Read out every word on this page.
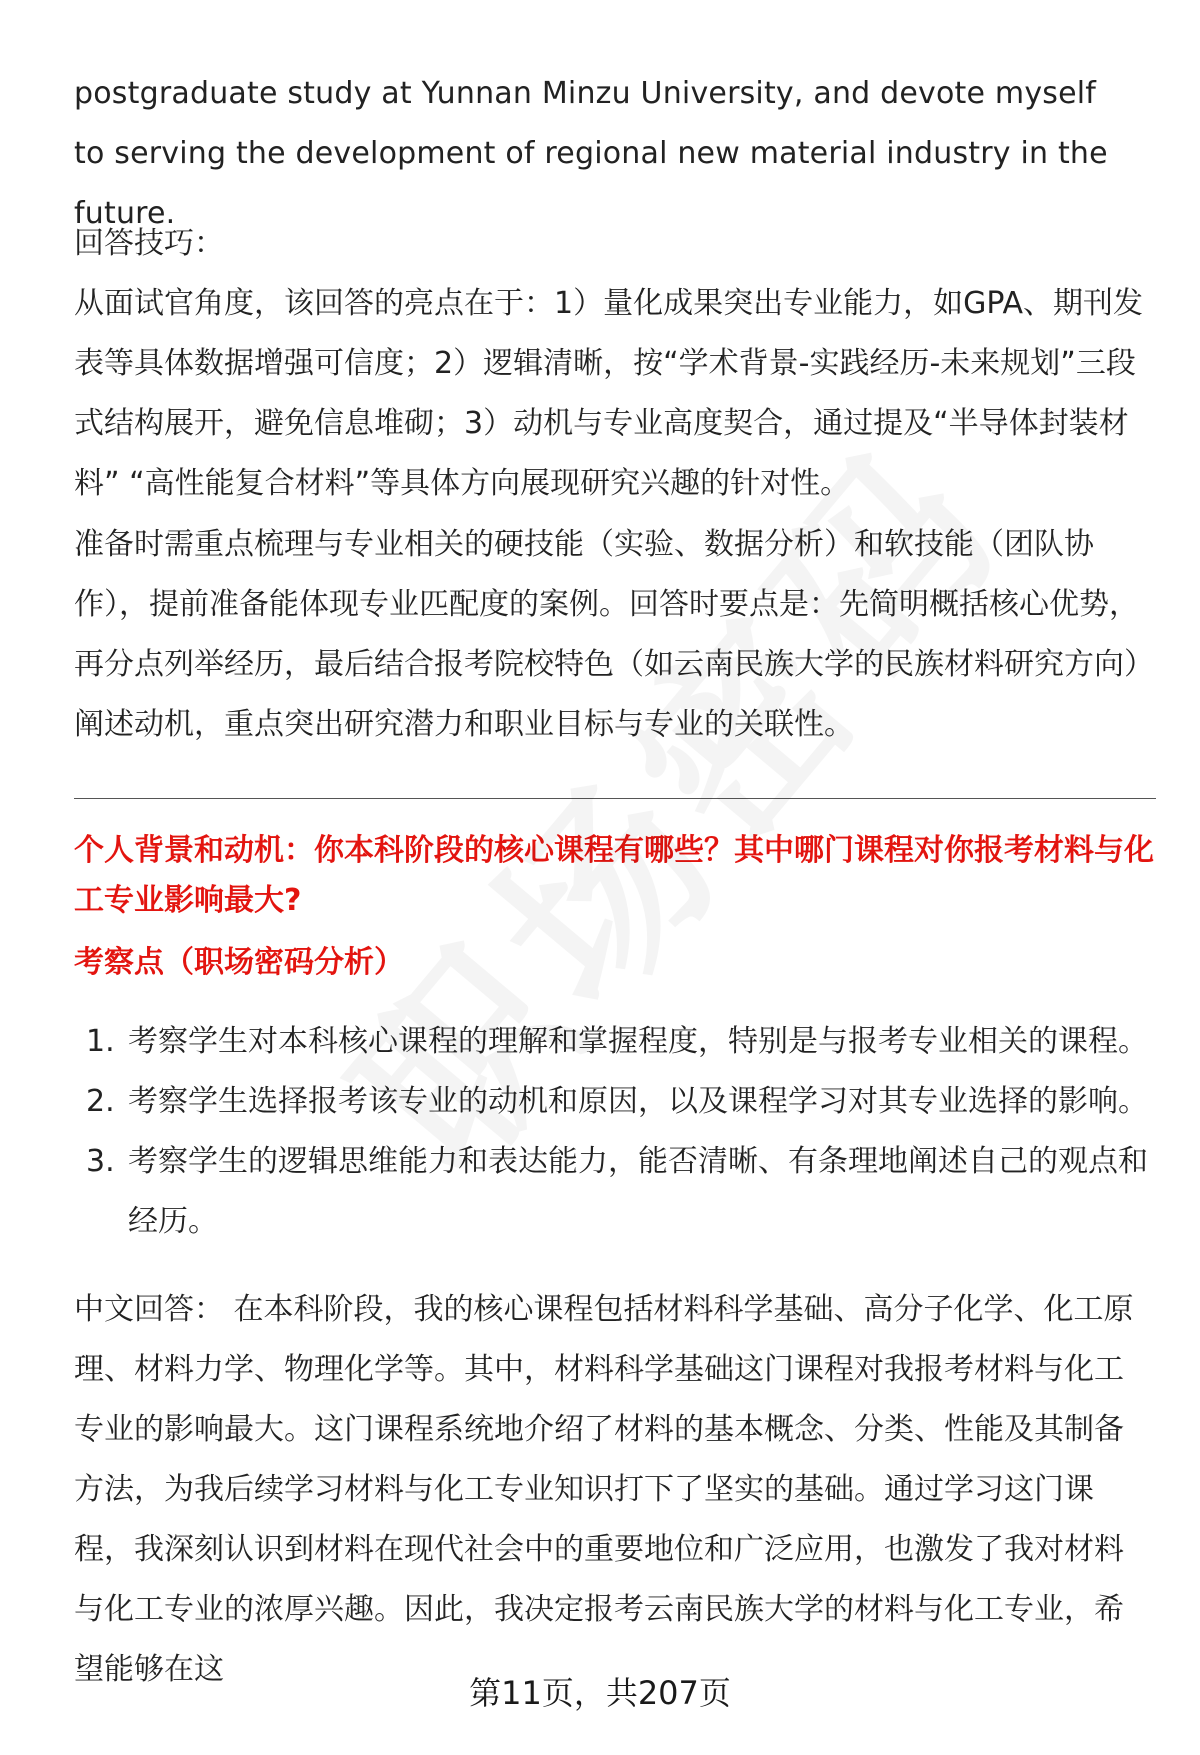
postgraduate study at Yunnan Minzu University, and devote myself to serving the development of regional new material industry in the future.

回答技巧：

从面试官角度，该回答的亮点在于：1）量化成果突出专业能力，如GPA、期刊发表等具体数据增强可信度；2）逻辑清晰，按“学术背景-实践经历-未来规划”三段式结构展开，避免信息堆砌；3）动机与专业高度契合，通过提及“半导体封装材料” “高性能复合材料”等具体方向展现研究兴趣的针对性。

准备时需重点梳理与专业相关的硬技能（实验、数据分析）和软技能（团队协作），提前准备能体现专业匹配度的案例。回答时要点是：先简明概括核心优势，再分点列举经历，最后结合报考院校特色（如云南民族大学的民族材料研究方向）阐述动机，重点突出研究潜力和职业目标与专业的关联性。

个人背景和动机：你本科阶段的核心课程有哪些？其中哪门课程对你报考材料与化工专业影响最大?

考察点（职场密码分析）

1. 考察学生对本科核心课程的理解和掌握程度，特别是与报考专业相关的课程。
2. 考察学生选择报考该专业的动机和原因，以及课程学习对其专业选择的影响。
3. 考察学生的逻辑思维能力和表达能力，能否清晰、有条理地阐述自己的观点和经历。

中文回答： 在本科阶段，我的核心课程包括材料科学基础、高分子化学、化工原理、材料力学、物理化学等。其中，材料科学基础这门课程对我报考材料与化工专业的影响最大。这门课程系统地介绍了材料的基本概念、分类、性能及其制备方法，为我后续学习材料与化工专业知识打下了坚实的基础。通过学习这门课程，我深刻认识到材料在现代社会中的重要地位和广泛应用，也激发了我对材料与化工专业的浓厚兴趣。因此，我决定报考云南民族大学的材料与化工专业，希望能够在这

第11页，共207页
